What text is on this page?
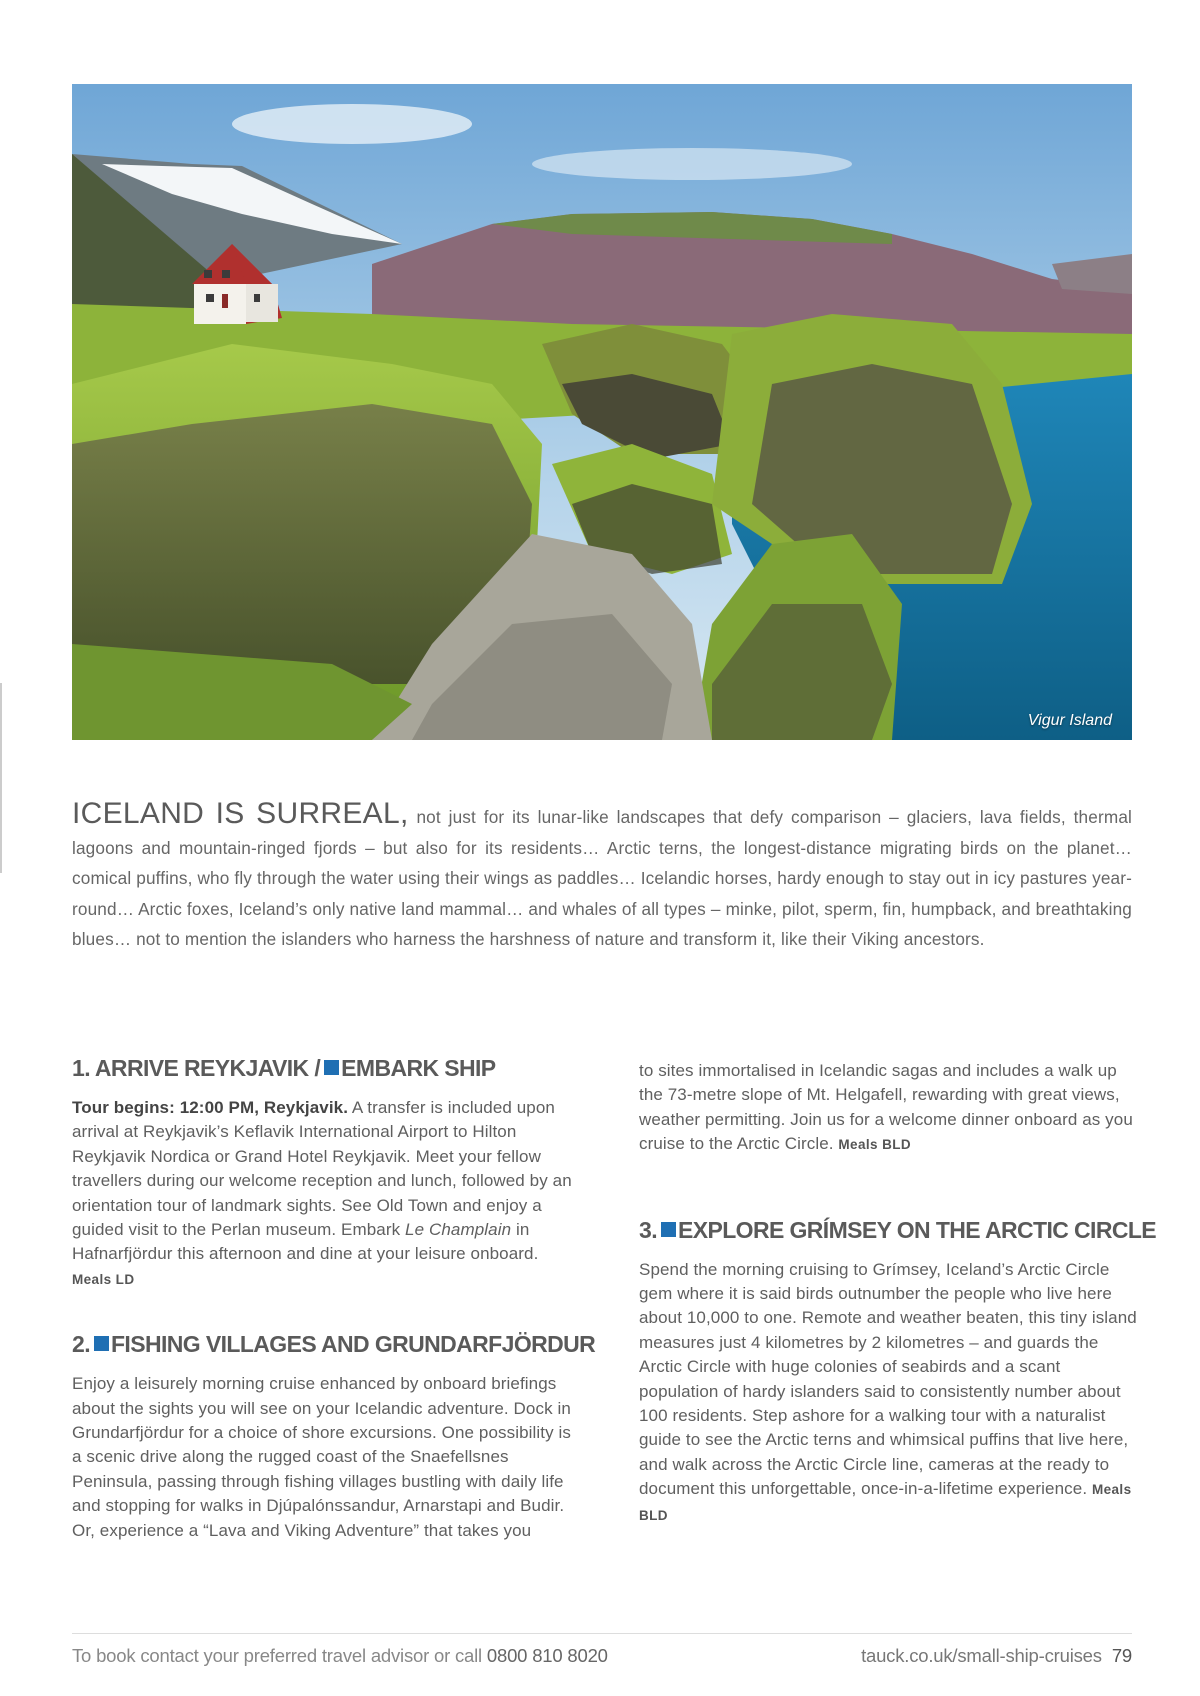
Vigur Island

ICELAND IS SURREAL, not just for its lunar-like landscapes that defy comparison – glaciers, lava fields, thermal lagoons and mountain-ringed fjords – but also for its residents… Arctic terns, the longest-distance migrating birds on the planet… comical puffins, who fly through the water using their wings as paddles… Icelandic horses, hardy enough to stay out in icy pastures year-round… Arctic foxes, Iceland’s only native land mammal… and whales of all types – minke, pilot, sperm, fin, humpback, and breathtaking blues… not to mention the islanders who harness the harshness of nature and transform it, like their Viking ancestors.

1. ARRIVE REYKJAVIK / EMBARK SHIP

Tour begins: 12:00 PM, Reykjavik. A transfer is included upon arrival at Reykjavik’s Keflavik International Airport to Hilton Reykjavik Nordica or Grand Hotel Reykjavik. Meet your fellow travellers during our welcome reception and lunch, followed by an orientation tour of landmark sights. See Old Town and enjoy a guided visit to the Perlan museum. Embark Le Champlain in Hafnarfjördur this afternoon and dine at your leisure onboard. Meals LD

2. FISHING VILLAGES AND GRUNDARFJÖRDUR

Enjoy a leisurely morning cruise enhanced by onboard briefings about the sights you will see on your Icelandic adventure. Dock in Grundarfjördur for a choice of shore excursions. One possibility is a scenic drive along the rugged coast of the Snaefellsnes Peninsula, passing through fishing villages bustling with daily life and stopping for walks in Djúpalónssandur, Arnarstapi and Budir. Or, experience a “Lava and Viking Adventure” that takes you

to sites immortalised in Icelandic sagas and includes a walk up the 73-metre slope of Mt. Helgafell, rewarding with great views, weather permitting. Join us for a welcome dinner onboard as you cruise to the Arctic Circle. Meals BLD

3. EXPLORE GRÍMSEY ON THE ARCTIC CIRCLE

Spend the morning cruising to Grímsey, Iceland’s Arctic Circle gem where it is said birds outnumber the people who live here about 10,000 to one. Remote and weather beaten, this tiny island measures just 4 kilometres by 2 kilometres – and guards the Arctic Circle with huge colonies of seabirds and a scant population of hardy islanders said to consistently number about 100 residents. Step ashore for a walking tour with a naturalist guide to see the Arctic terns and whimsical puffins that live here, and walk across the Arctic Circle line, cameras at the ready to document this unforgettable, once-in-a-lifetime experience. Meals BLD

To book contact your preferred travel advisor or call 0800 810 8020	tauck.co.uk/small-ship-cruises 79
